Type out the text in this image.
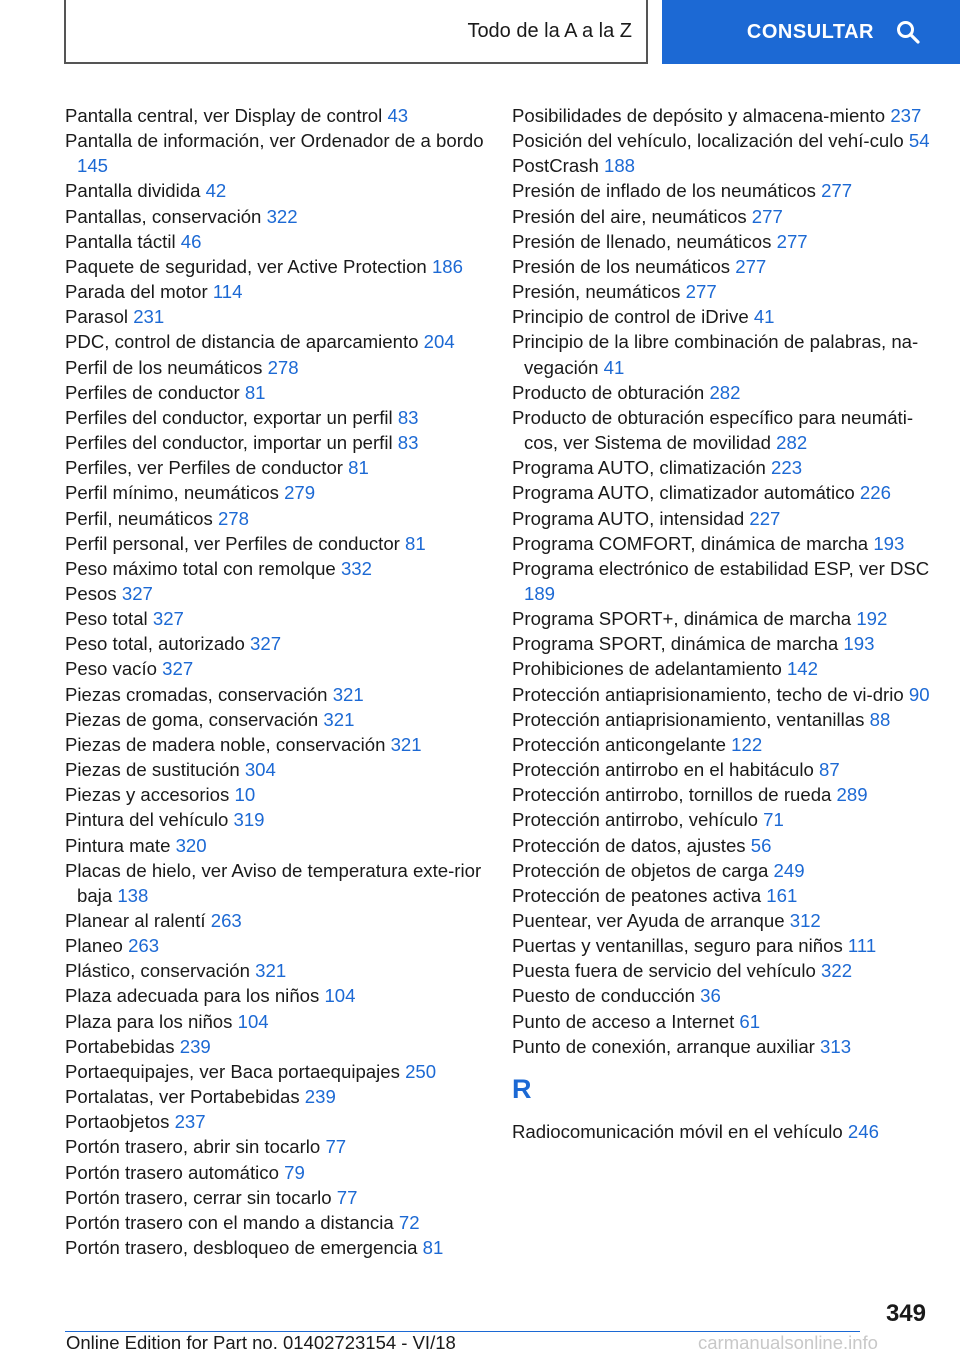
Todo de la A a la Z	CONSULTAR
Pantalla central, ver Display de control 43
Pantalla de información, ver Ordenador de a bordo 145
Pantalla dividida 42
Pantallas, conservación 322
Pantalla táctil 46
Paquete de seguridad, ver Active Protection 186
Parada del motor 114
Parasol 231
PDC, control de distancia de aparcamiento 204
Perfil de los neumáticos 278
Perfiles de conductor 81
Perfiles del conductor, exportar un perfil 83
Perfiles del conductor, importar un perfil 83
Perfiles, ver Perfiles de conductor 81
Perfil mínimo, neumáticos 279
Perfil, neumáticos 278
Perfil personal, ver Perfiles de conductor 81
Peso máximo total con remolque 332
Pesos 327
Peso total 327
Peso total, autorizado 327
Peso vacío 327
Piezas cromadas, conservación 321
Piezas de goma, conservación 321
Piezas de madera noble, conservación 321
Piezas de sustitución 304
Piezas y accesorios 10
Pintura del vehículo 319
Pintura mate 320
Placas de hielo, ver Aviso de temperatura exte-rior baja 138
Planear al ralentí 263
Planeo 263
Plástico, conservación 321
Plaza adecuada para los niños 104
Plaza para los niños 104
Portabebidas 239
Portaequipajes, ver Baca portaequipajes 250
Portalatas, ver Portabebidas 239
Portaobjetos 237
Portón trasero, abrir sin tocarlo 77
Portón trasero automático 79
Portón trasero, cerrar sin tocarlo 77
Portón trasero con el mando a distancia 72
Portón trasero, desbloqueo de emergencia 81
Posibilidades de depósito y almacena-miento 237
Posición del vehículo, localización del vehí-culo 54
PostCrash 188
Presión de inflado de los neumáticos 277
Presión del aire, neumáticos 277
Presión de llenado, neumáticos 277
Presión de los neumáticos 277
Presión, neumáticos 277
Principio de control de iDrive 41
Principio de la libre combinación de palabras, na-vegación 41
Producto de obturación 282
Producto de obturación específico para neumáti-cos, ver Sistema de movilidad 282
Programa AUTO, climatización 223
Programa AUTO, climatizador automático 226
Programa AUTO, intensidad 227
Programa COMFORT, dinámica de marcha 193
Programa electrónico de estabilidad ESP, ver DSC 189
Programa SPORT+, dinámica de marcha 192
Programa SPORT, dinámica de marcha 193
Prohibiciones de adelantamiento 142
Protección antiaprisionamiento, techo de vi-drio 90
Protección antiaprisionamiento, ventanillas 88
Protección anticongelante 122
Protección antirrobo en el habitáculo 87
Protección antirrobo, tornillos de rueda 289
Protección antirrobo, vehículo 71
Protección de datos, ajustes 56
Protección de objetos de carga 249
Protección de peatones activa 161
Puentear, ver Ayuda de arranque 312
Puertas y ventanillas, seguro para niños 111
Puesta fuera de servicio del vehículo 322
Puesto de conducción 36
Punto de acceso a Internet 61
Punto de conexión, arranque auxiliar 313
R
Radiocomunicación móvil en el vehículo 246
349
Online Edition for Part no. 01402723154 - VI/18	carmanualsonline.info
